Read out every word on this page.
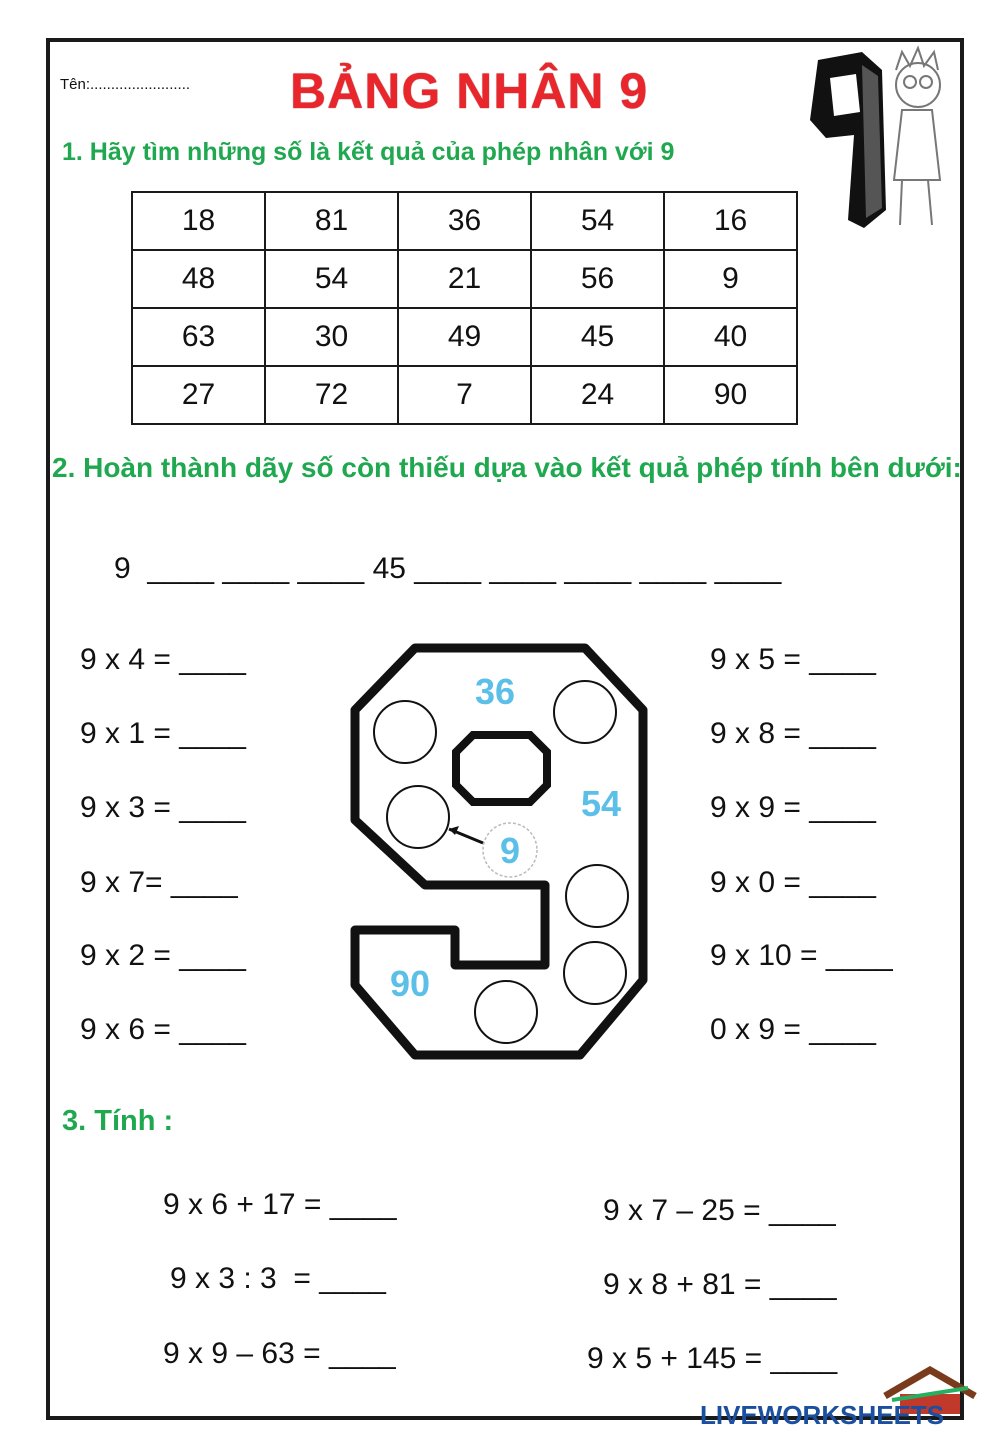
Tên:........................ BẢNG NHÂN 9
1. Hãy tìm những số là kết quả của phép nhân với 9
18	81	36	54	16
48	54	21	56	9
63	30	49	45	40
27	72	7	24	90
2. Hoàn thành dãy số còn thiếu dựa vào kết quả phép tính bên dưới:
9  ____ ____ ____ 45 ____ ____ ____ ____ ____
9 x 4 = ____
9 x 1 = ____
9 x 3 = ____
9 x 7= ____
9 x 2 = ____
9 x 6 = ____
9 x 5 = ____
9 x 8 = ____
9 x 9 = ____
9 x 0 = ____
9 x 10 = ____
0 x 9 = ____
36
54
9
90
3. Tính :
9 x 6 + 17 = ____
9 x 3 : 3  = ____
9 x 9 – 63 = ____
9 x 7 – 25 = ____
9 x 8 + 81 = ____
9 x 5 + 145 = ____
LIVEWORKSHEETS
